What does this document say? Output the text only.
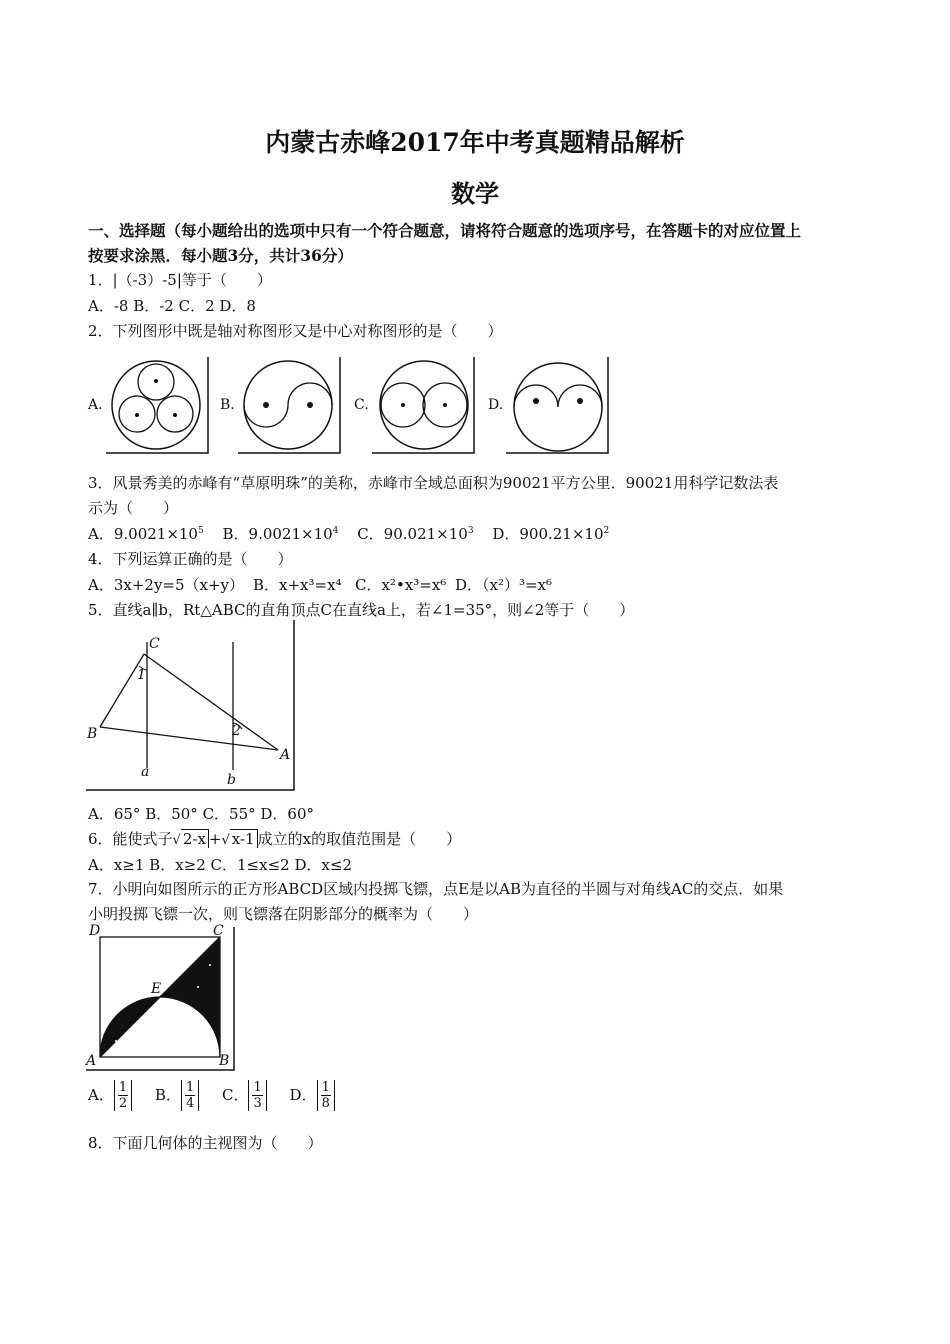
内蒙古赤峰2017年中考真题精品解析
数学
一、选择题（每小题给出的选项中只有一个符合题意，请将符合题意的选项序号，在答题卡的对应位置上
按要求涂黑．每小题3分，共计36分）
1．|（-3）-5|等于（　　）
A．-8 B．-2 C．2 D．8
2．下列图形中既是轴对称图形又是中心对称图形的是（　　）
A.	B.	C.	D.
3．风景秀美的赤峰有“草原明珠”的美称，赤峰市全域总面积为90021平方公里．90021用科学记数法表
示为（　　）
A．$9.0021\times 10^5$ B．$9.0021\times 10^4$ C．$90.021\times 10^3$ D．$900.21\times 10^2$
4．下列运算正确的是（　　）
A．3x+2y=5（x+y） B．x+x³=x⁴ C．x²•x³=x⁶ D．（x²）³=x⁶
5．直线a∥b，Rt△ABC的直角顶点C在直线a上，若∠1=35°，则∠2等于（　　）
C
1
B	2
A
a	b
A．65° B．50° C．55° D．60°
6．能使式子√ 2-x +√ x-1 成立的x的取值范围是（　　）
A．x≥1 B．x≥2 C．1≤x≤2 D．x≤2
7．小明向如图所示的正方形ABCD区域内投掷飞镖，点E是以AB为直径的半圆与对角线AC的交点．如果
小明投掷飞镖一次，则飞镖落在阴影部分的概率为（　　）
D	C
E
A	B
A． $\frac{1}{2}$ B． $\frac{1}{4}$ C． $\frac{1}{3}$ D． $\frac{1}{8}$
8．下面几何体的主视图为（　　）
